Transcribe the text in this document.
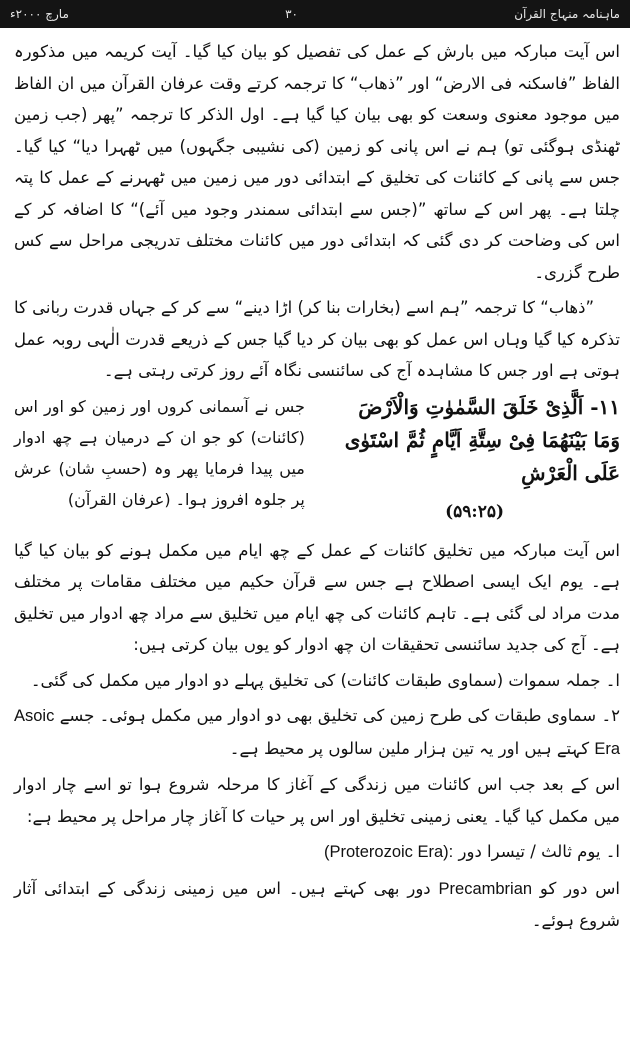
مارچ ۲۰۰۰ء	۳۰	ماہنامہ منہاج القرآن

اس آیت مبارکہ میں بارش کے عمل کی تفصیل کو بیان کیا گیا۔ آیت کریمہ میں مذکورہ الفاظ ”فاسکنہ فی الارض“ اور ”ذھاب“ کا ترجمہ کرتے وقت عرفان القرآن میں ان الفاظ میں موجود معنوی وسعت کو بھی بیان کیا گیا ہے۔ اول الذکر کا ترجمہ ”پھر (جب زمین ٹھنڈی ہوگئی تو) ہم نے اس پانی کو زمین (کی نشیبی جگہوں) میں ٹھہرا دیا“ کیا گیا۔ جس سے پانی کے کائنات کی تخلیق کے ابتدائی دور میں زمین میں ٹھہرنے کے عمل کا پتہ چلتا ہے۔ پھر اس کے ساتھ ”(جس سے ابتدائی سمندر وجود میں آئے)“ کا اضافہ کر کے اس کی وضاحت کر دی گئی کہ ابتدائی دور میں کائنات مختلف تدریجی مراحل سے کس طرح گزری۔

”ذھاب“ کا ترجمہ ”ہم اسے (بخارات بنا کر) اڑا دینے“ سے کر کے جہاں قدرت ربانی کا تذکرہ کیا گیا وہاں اس عمل کو بھی بیان کر دیا گیا جس کے ذریعے قدرت الٰہی روبہ عمل ہوتی ہے اور جس کا مشاہدہ آج کی سائنسی نگاہ آئے روز کرتی رہتی ہے۔

۱۱- اَلَّذِیْ خَلَقَ السَّمٰوٰتِ وَالْاَرْضَ وَمَا بَیْنَھُمَا فِیْ سِتَّةِ اَیَّامٍ ثُمَّ اسْتَوٰی عَلَی الْعَرْشِ
(۵۹:۲۵)
جس نے آسمانی کروں اور زمین کو اور اس (کائنات) کو جو ان کے درمیان ہے چھ ادوار میں پیدا فرمایا پھر وہ (حسبِ شان) عرش پر جلوہ افروز ہوا۔ (عرفان القرآن)

اس آیت مبارکہ میں تخلیق کائنات کے عمل کے چھ ایام میں مکمل ہونے کو بیان کیا گیا ہے۔ یوم ایک ایسی اصطلاح ہے جس سے قرآن حکیم میں مختلف مقامات پر مختلف مدت مراد لی گئی ہے۔ تاہم کائنات کی چھ ایام میں تخلیق سے مراد چھ ادوار میں تخلیق ہے۔ آج کی جدید سائنسی تحقیقات ان چھ ادوار کو یوں بیان کرتی ہیں:

ا۔ جملہ سموات (سماوی طبقات کائنات) کی تخلیق پہلے دو ادوار میں مکمل کی گئی۔

۲۔ سماوی طبقات کی طرح زمین کی تخلیق بھی دو ادوار میں مکمل ہوئی۔ جسے Asoic Era کہتے ہیں اور یہ تین ہزار ملین سالوں پر محیط ہے۔

اس کے بعد جب اس کائنات میں زندگی کے آغاز کا مرحلہ شروع ہوا تو اسے چار ادوار میں مکمل کیا گیا۔ یعنی زمینی تخلیق اور اس پر حیات کا آغاز چار مراحل پر محیط ہے:

ا۔ یوم ثالث / تیسرا دور (Proterozoic Era):

اس دور کو Precambrian دور بھی کہتے ہیں۔ اس میں زمینی زندگی کے ابتدائی آثار شروع ہوئے۔
